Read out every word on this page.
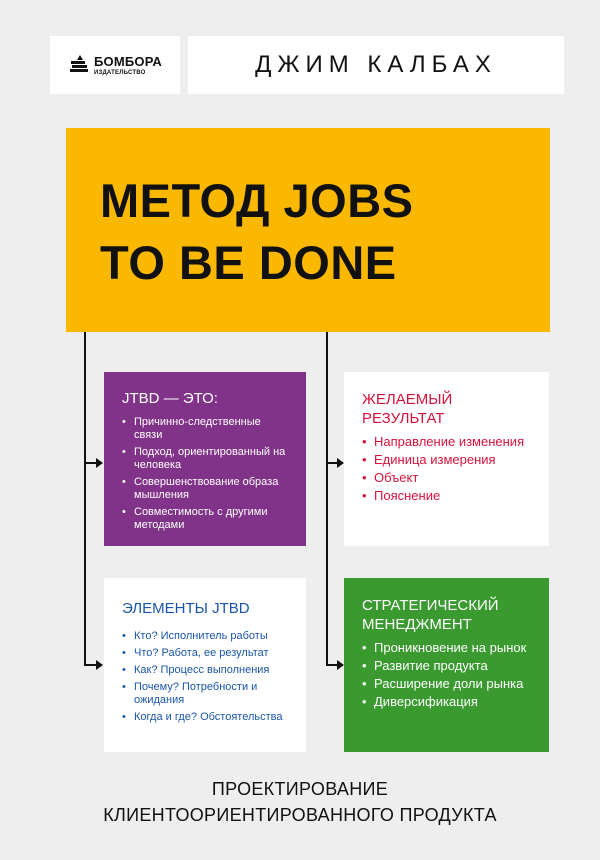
БОМБОРА
ИЗДАТЕЛЬСТВО	ДЖИМ КАЛБАХ
МЕТОД JOBS
TO BE DONE
JTBD — ЭТО:
• Причинно-следственные связи
• Подход, ориентированный на человека
• Совершенствование образа мышления
• Совместимость с другими методами
ЖЕЛАЕМЫЙ РЕЗУЛЬТАТ
• Направление изменения
• Единица измерения
• Объект
• Пояснение
ЭЛЕМЕНТЫ JTBD
• Кто? Исполнитель работы
• Что? Работа, ее результат
• Как? Процесс выполнения
• Почему? Потребности и ожидания
• Когда и где? Обстоятельства
СТРАТЕГИЧЕСКИЙ МЕНЕДЖМЕНТ
• Проникновение на рынок
• Развитие продукта
• Расширение доли рынка
• Диверсификация
ПРОЕКТИРОВАНИЕ
КЛИЕНТООРИЕНТИРОВАННОГО ПРОДУКТА
